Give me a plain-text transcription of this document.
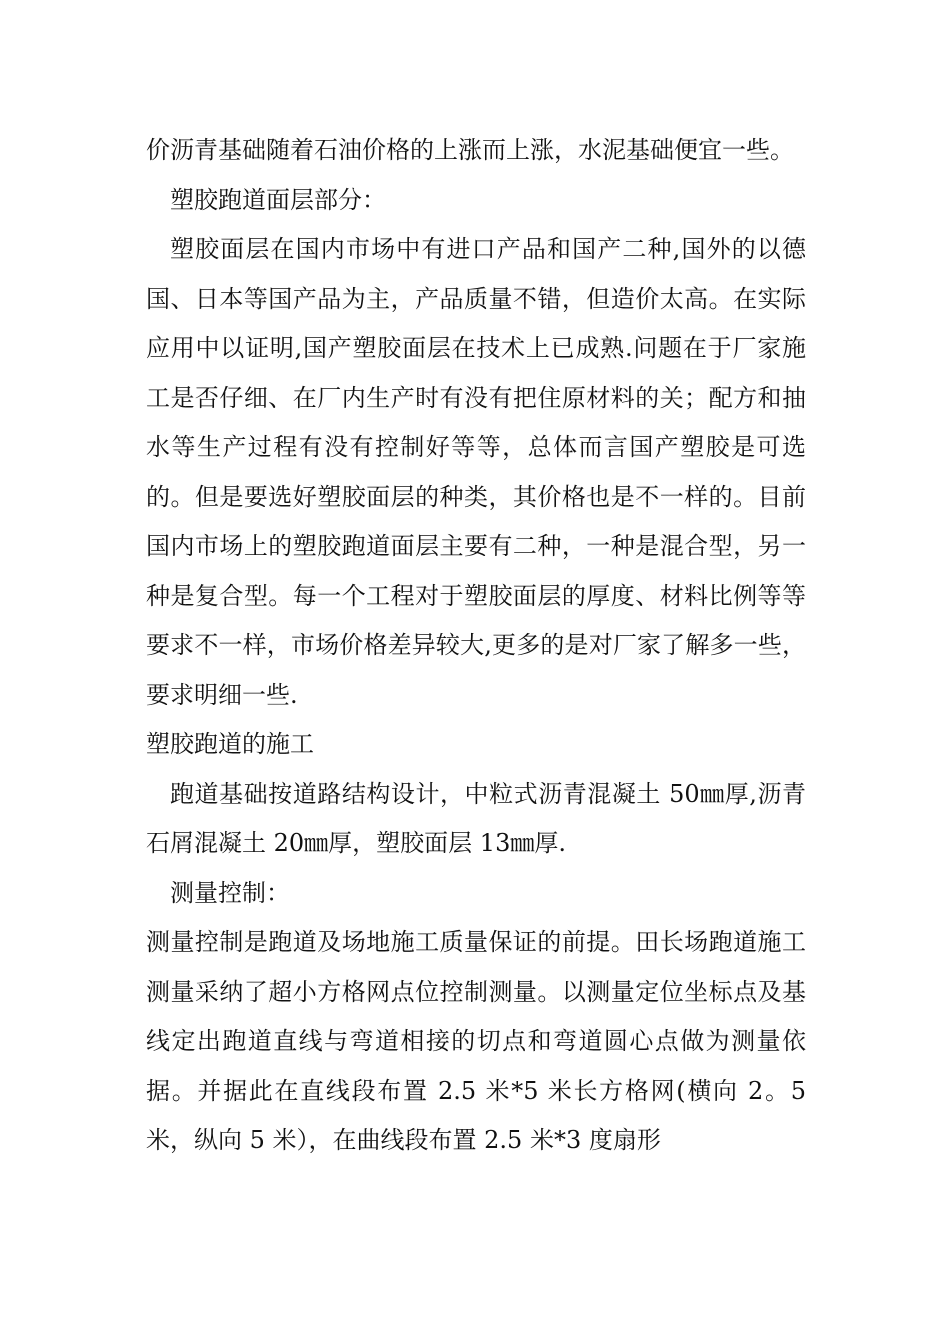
价沥青基础随着石油价格的上涨而上涨，水泥基础便宜一些。

塑胶跑道面层部分：

塑胶面层在国内市场中有进口产品和国产二种,国外的以德国、日本等国产品为主，产品质量不错，但造价太高。在实际应用中以证明,国产塑胶面层在技术上已成熟.问题在于厂家施工是否仔细、在厂内生产时有没有把住原材料的关；配方和抽水等生产过程有没有控制好等等，总体而言国产塑胶是可选的。但是要选好塑胶面层的种类，其价格也是不一样的。目前国内市场上的塑胶跑道面层主要有二种，一种是混合型，另一种是复合型。每一个工程对于塑胶面层的厚度、材料比例等等要求不一样，市场价格差异较大,更多的是对厂家了解多一些，要求明细一些.

塑胶跑道的施工

跑道基础按道路结构设计，中粒式沥青混凝土 50㎜厚,沥青石屑混凝土 20㎜厚，塑胶面层 13㎜厚.

测量控制：

测量控制是跑道及场地施工质量保证的前提。田长场跑道施工测量采纳了超小方格网点位控制测量。以测量定位坐标点及基线定出跑道直线与弯道相接的切点和弯道圆心点做为测量依据。并据此在直线段布置 2.5 米*5 米长方格网(横向 2。5 米，纵向 5 米），在曲线段布置 2.5 米*3 度扇形
